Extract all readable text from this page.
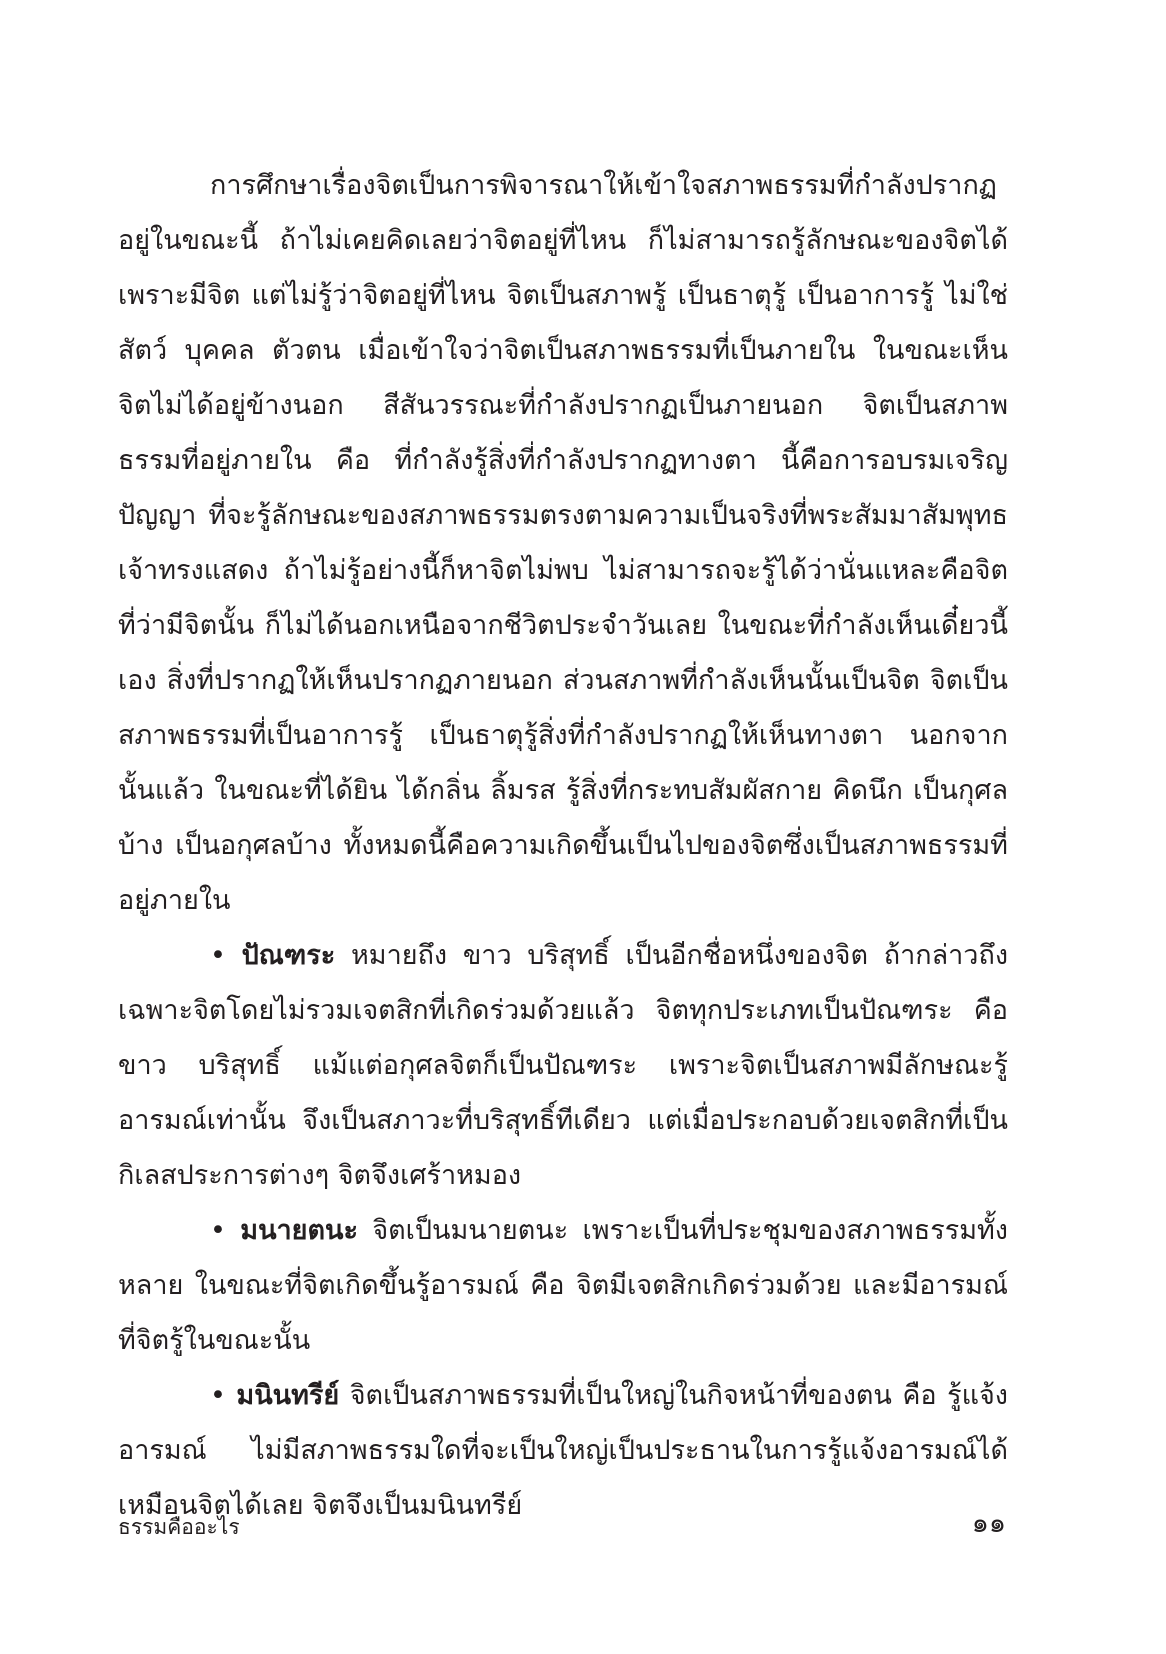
การศึกษาเรื่องจิตเป็นการพิจารณาให้เข้าใจสภาพธรรมที่กำลังปรากฏอยู่ในขณะนี้ ถ้าไม่เคยคิดเลยว่าจิตอยู่ที่ไหน ก็ไม่สามารถรู้ลักษณะของจิตได้ เพราะมีจิต แต่ไม่รู้ว่าจิตอยู่ที่ไหน จิตเป็นสภาพรู้ เป็นธาตุรู้ เป็นอาการรู้ ไม่ใช่สัตว์ บุคคล ตัวตน เมื่อเข้าใจว่าจิตเป็นสภาพธรรมที่เป็นภายใน ในขณะเห็น จิตไม่ได้อยู่ข้างนอก สีสันวรรณะที่กำลังปรากฏเป็นภายนอก จิตเป็นสภาพธรรมที่อยู่ภายใน คือ ที่กำลังรู้สิ่งที่กำลังปรากฏทางตา นี้คือการอบรมเจริญปัญญา ที่จะรู้ลักษณะของสภาพธรรมตรงตามความเป็นจริงที่พระสัมมาสัมพุทธเจ้าทรงแสดง ถ้าไม่รู้อย่างนี้ก็หาจิตไม่พบ ไม่สามารถจะรู้ได้ว่านั่นแหละคือจิต ที่ว่ามีจิตนั้น ก็ไม่ได้นอกเหนือจากชีวิตประจำวันเลย ในขณะที่กำลังเห็นเดี๋ยวนี้เอง สิ่งที่ปรากฏให้เห็นปรากฏภายนอก ส่วนสภาพที่กำลังเห็นนั้นเป็นจิต จิตเป็นสภาพธรรมที่เป็นอาการรู้ เป็นธาตุรู้สิ่งที่กำลังปรากฏให้เห็นทางตา นอกจากนั้นแล้ว ในขณะที่ได้ยิน ได้กลิ่น ลิ้มรส รู้สิ่งที่กระทบสัมผัสกาย คิดนึก เป็นกุศลบ้าง เป็นอกุศลบ้าง ทั้งหมดนี้คือความเกิดขึ้นเป็นไปของจิตซึ่งเป็นสภาพธรรมที่อยู่ภายใน

• ปัณฑระ หมายถึง ขาว บริสุทธิ์ เป็นอีกชื่อหนึ่งของจิต ถ้ากล่าวถึงเฉพาะจิตโดยไม่รวมเจตสิกที่เกิดร่วมด้วยแล้ว จิตทุกประเภทเป็นปัณฑระ คือ ขาว บริสุทธิ์ แม้แต่อกุศลจิตก็เป็นปัณฑระ เพราะจิตเป็นสภาพมีลักษณะรู้อารมณ์เท่านั้น จึงเป็นสภาวะที่บริสุทธิ์ทีเดียว แต่เมื่อประกอบด้วยเจตสิกที่เป็นกิเลสประการต่างๆ จิตจึงเศร้าหมอง

• มนายตนะ จิตเป็นมนายตนะ เพราะเป็นที่ประชุมของสภาพธรรมทั้งหลาย ในขณะที่จิตเกิดขึ้นรู้อารมณ์ คือ จิตมีเจตสิกเกิดร่วมด้วย และมีอารมณ์ที่จิตรู้ในขณะนั้น

• มนินทรีย์ จิตเป็นสภาพธรรมที่เป็นใหญ่ในกิจหน้าที่ของตน คือ รู้แจ้งอารมณ์ ไม่มีสภาพธรรมใดที่จะเป็นใหญ่เป็นประธานในการรู้แจ้งอารมณ์ได้เหมือนจิตได้เลย จิตจึงเป็นมนินทรีย์

ธรรมคืออะไร	๑๑
